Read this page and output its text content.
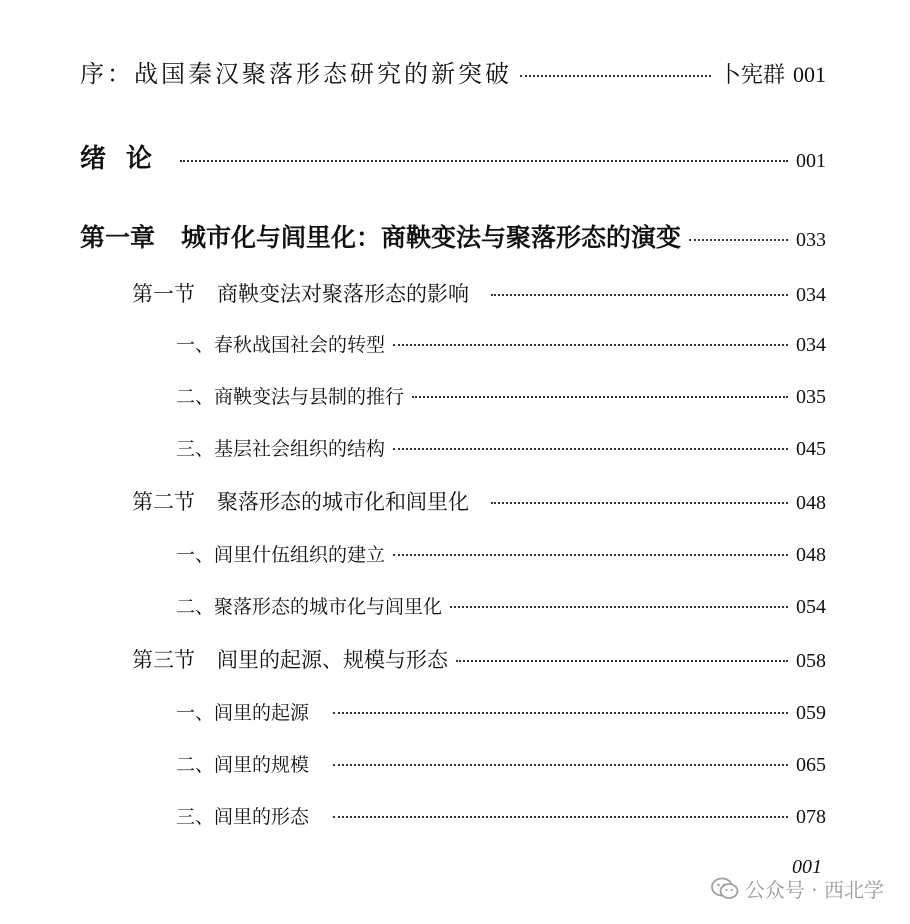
序：战国秦汉聚落形态研究的新突破	卜宪群 001
绪论	001
第一章 城市化与闾里化：商鞅变法与聚落形态的演变	033
第一节 商鞅变法对聚落形态的影响	034
一、春秋战国社会的转型	034
二、商鞅变法与县制的推行	035
三、基层社会组织的结构	045
第二节 聚落形态的城市化和闾里化	048
一、闾里什伍组织的建立	048
二、聚落形态的城市化与闾里化	054
第三节 闾里的起源、规模与形态	058
一、闾里的起源	059
二、闾里的规模	065
三、闾里的形态	078
001
公众号 · 西北学
